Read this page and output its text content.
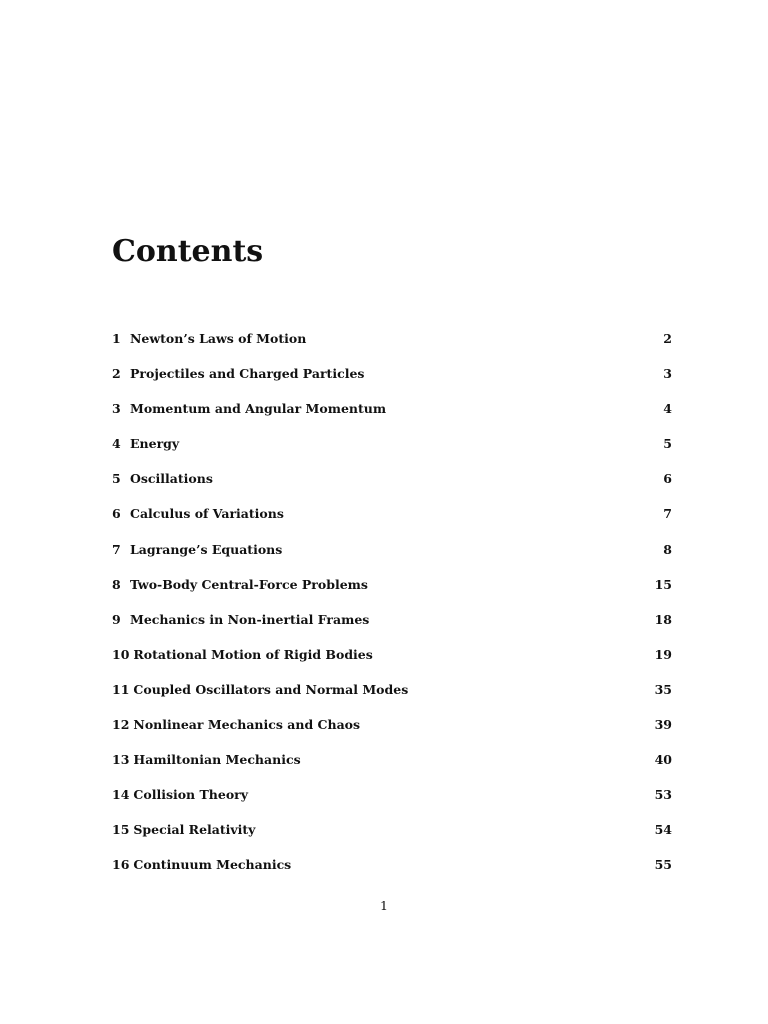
Contents
1 Newton’s Laws of Motion	2
2 Projectiles and Charged Particles	3
3 Momentum and Angular Momentum	4
4 Energy	5
5 Oscillations	6
6 Calculus of Variations	7
7 Lagrange’s Equations	8
8 Two-Body Central-Force Problems	15
9 Mechanics in Non-inertial Frames	18
10 Rotational Motion of Rigid Bodies	19
11 Coupled Oscillators and Normal Modes	35
12 Nonlinear Mechanics and Chaos	39
13 Hamiltonian Mechanics	40
14 Collision Theory	53
15 Special Relativity	54
16 Continuum Mechanics	55
1
